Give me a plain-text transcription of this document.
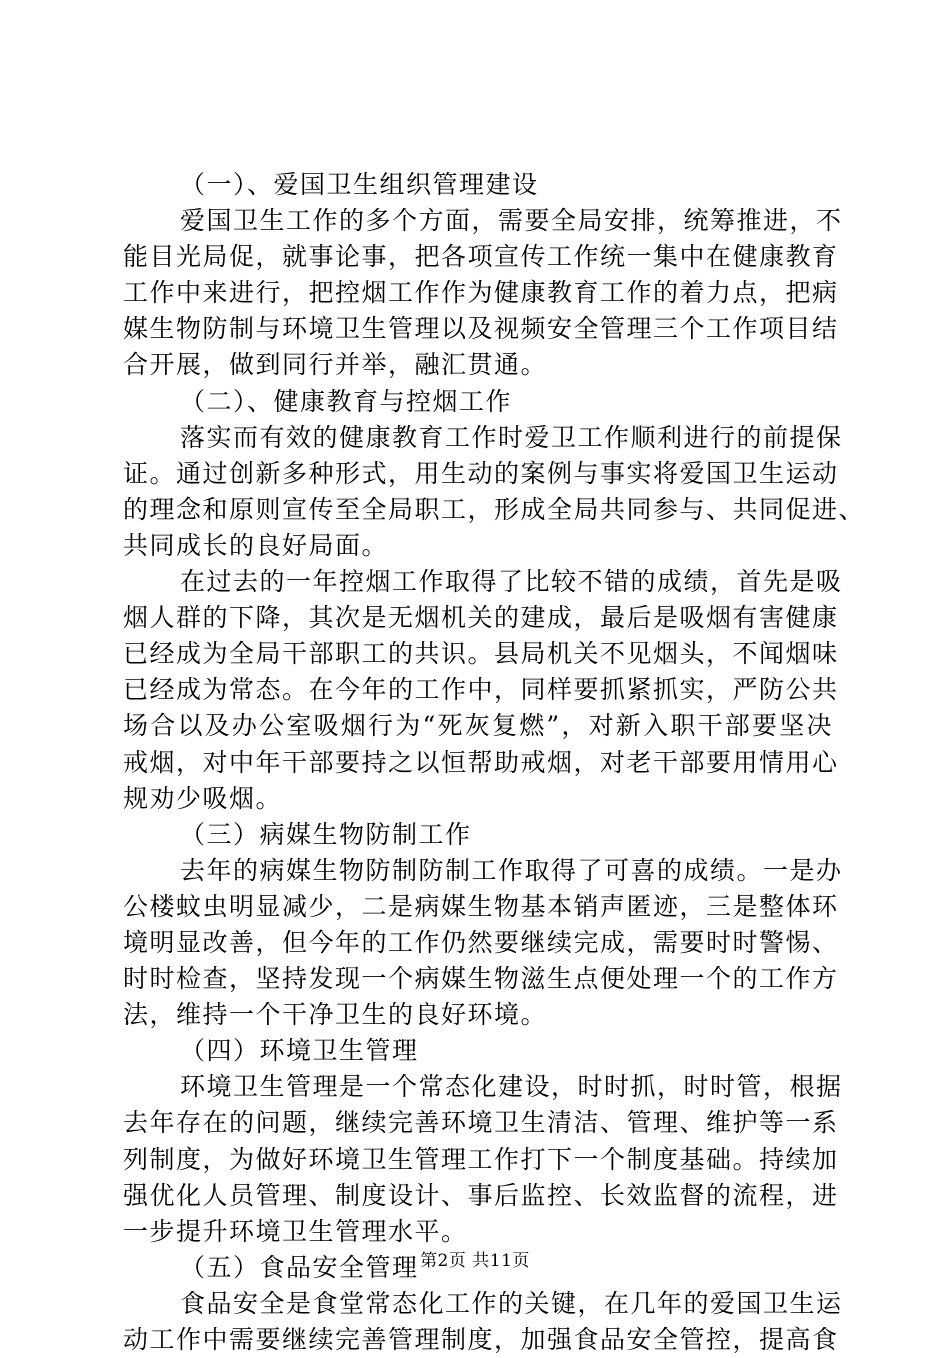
（一）、爱国卫生组织管理建设
爱国卫生工作的多个方面，需要全局安排，统筹推进，不
能目光局促，就事论事，把各项宣传工作统一集中在健康教育
工作中来进行，把控烟工作作为健康教育工作的着力点，把病
媒生物防制与环境卫生管理以及视频安全管理三个工作项目结
合开展，做到同行并举，融汇贯通。
（二）、健康教育与控烟工作
落实而有效的健康教育工作时爱卫工作顺利进行的前提保
证。通过创新多种形式，用生动的案例与事实将爱国卫生运动
的理念和原则宣传至全局职工，形成全局共同参与、共同促进、
共同成长的良好局面。
在过去的一年控烟工作取得了比较不错的成绩，首先是吸
烟人群的下降，其次是无烟机关的建成，最后是吸烟有害健康
已经成为全局干部职工的共识。县局机关不见烟头，不闻烟味
已经成为常态。在今年的工作中，同样要抓紧抓实，严防公共
场合以及办公室吸烟行为“死灰复燃”，对新入职干部要坚决
戒烟，对中年干部要持之以恒帮助戒烟，对老干部要用情用心
规劝少吸烟。
（三）病媒生物防制工作
去年的病媒生物防制防制工作取得了可喜的成绩。一是办
公楼蚊虫明显减少，二是病媒生物基本销声匿迹，三是整体环
境明显改善，但今年的工作仍然要继续完成，需要时时警惕、
时时检查，坚持发现一个病媒生物滋生点便处理一个的工作方
法，维持一个干净卫生的良好环境。
（四）环境卫生管理
环境卫生管理是一个常态化建设，时时抓，时时管，根据
去年存在的问题，继续完善环境卫生清洁、管理、维护等一系
列制度，为做好环境卫生管理工作打下一个制度基础。持续加
强优化人员管理、制度设计、事后监控、长效监督的流程，进
一步提升环境卫生管理水平。
（五）食品安全管理
食品安全是食堂常态化工作的关键，在几年的爱国卫生运
动工作中需要继续完善管理制度，加强食品安全管控，提高食
第2页 共11页
